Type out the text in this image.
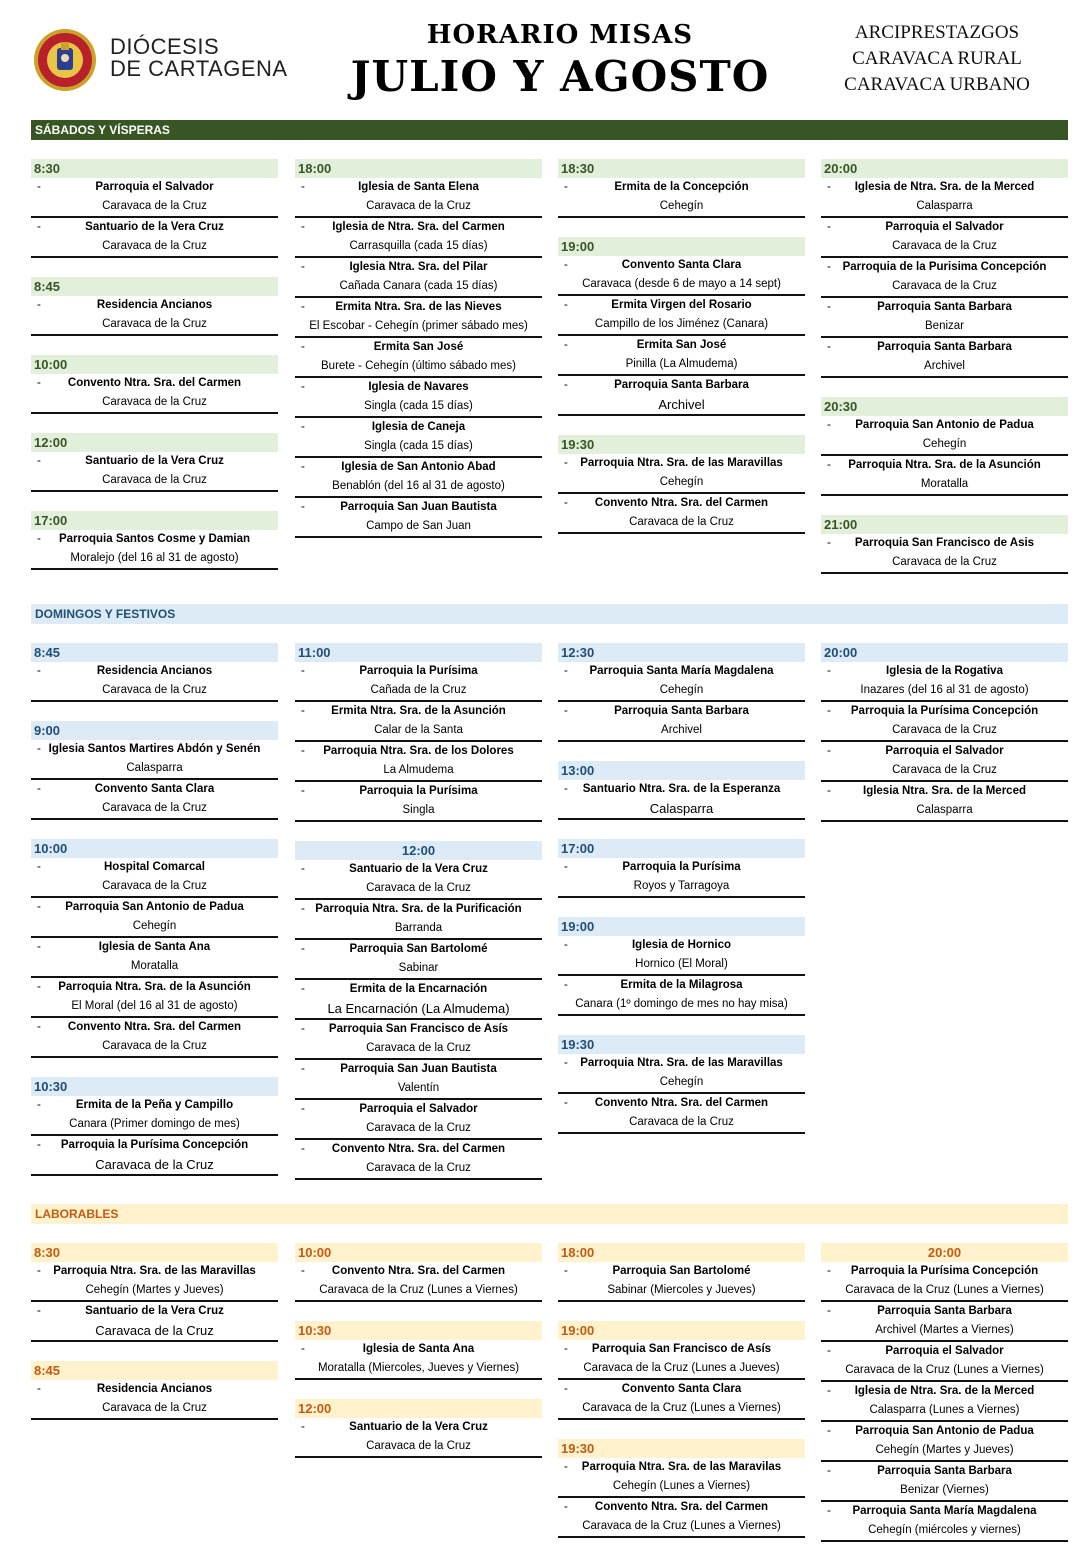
DIÓCESIS
DE CARTAGENA
HORARIO MISAS
JULIO Y AGOSTO
ARCIPRESTAZGOS
CARAVACA RURAL
CARAVACA URBANO
SÁBADOS Y VÍSPERAS
DOMINGOS Y FESTIVOS
LABORABLES
8:30
-	Parroquia el Salvador
Caravaca de la Cruz
-	Santuario de la Vera Cruz
Caravaca de la Cruz
8:45
-	Residencia Ancianos
Caravaca de la Cruz
10:00
- Convento Ntra. Sra. del Carmen
Caravaca de la Cruz
12:00
-	Santuario de la Vera Cruz
Caravaca de la Cruz
17:00
- Parroquia Santos Cosme y Damian
Moralejo (del 16 al 31 de agosto)
18:00
-	Iglesia de Santa Elena
Caravaca de la Cruz
- Iglesia de Ntra. Sra. del Carmen
Carrasquilla (cada 15 días)
-	Iglesia Ntra. Sra. del Pilar
Cañada Canara (cada 15 días)
-	Ermita Ntra. Sra. de las Nieves
El Escobar - Cehegín (primer sábado mes)
-	Ermita San José
Burete - Cehegín (último sábado mes)
-	Iglesia de Navares
Singla (cada 15 días)
-	Iglesia de Caneja
Singla (cada 15 días)
-	Iglesia de San Antonio Abad
Benablón (del 16 al 31 de agosto)
-	Parroquia San Juan Bautista
Campo de San Juan
18:30
-	Ermita de la Concepción
Cehegín
19:00
-	Convento Santa Clara
Caravaca (desde 6 de mayo a 14 sept)
-	Ermita Virgen del Rosario
Campillo de los Jiménez (Canara)
-	Ermita San José
Pinilla (La Almudema)
-	Parroquia Santa Barbara
Archivel
19:30
- Parroquia Ntra. Sra. de las Maravillas
Cehegín
- Convento Ntra. Sra. del Carmen
Caravaca de la Cruz
20:00
- Iglesia de Ntra. Sra. de la Merced
Calasparra
-	Parroquia el Salvador
Caravaca de la Cruz
- Parroquia de la Purisima Concepción
Caravaca de la Cruz
-	Parroquia Santa Barbara
Benizar
-	Parroquia Santa Barbara
Archivel
20:30
- Parroquia San Antonio de Padua
Cehegín
- Parroquia Ntra. Sra. de la Asunción
Moratalla
21:00
- Parroquia San Francisco de Asis
Caravaca de la Cruz
8:45
-	Residencia Ancianos
Caravaca de la Cruz
9:00
- Iglesia Santos Martires Abdón y Senén
Calasparra
-	Convento Santa Clara
Caravaca de la Cruz
10:00
-	Hospital Comarcal
Caravaca de la Cruz
- Parroquia San Antonio de Padua
Cehegín
-	Iglesia de Santa Ana
Moratalla
- Parroquia Ntra. Sra. de la Asunción
El Moral (del 16 al 31 de agosto)
- Convento Ntra. Sra. del Carmen
Caravaca de la Cruz
10:30
-	Ermita de la Peña y Campillo
Canara (Primer domingo de mes)
- Parroquia la Purísima Concepción
Caravaca de la Cruz
11:00
-	Parroquia la Purísima
Cañada de la Cruz
- Ermita Ntra. Sra. de la Asunción
Calar de la Santa
- Parroquia Ntra. Sra. de los Dolores
La Almudema
-	Parroquia la Purísima
Singla
12:00
-	Santuario de la Vera Cruz
Caravaca de la Cruz
- Parroquia Ntra. Sra. de la Purificación
Barranda
-	Parroquia San Bartolomé
Sabinar
-	Ermita de la Encarnación
La Encarnación (La Almudema)
- Parroquia San Francisco de Asís
Caravaca de la Cruz
-	Parroquia San Juan Bautista
Valentín
-	Parroquia el Salvador
Caravaca de la Cruz
- Convento Ntra. Sra. del Carmen
Caravaca de la Cruz
12:30
- Parroquia Santa María Magdalena
Cehegín
-	Parroquia Santa Barbara
Archivel
13:00
- Santuario Ntra. Sra. de la Esperanza
Calasparra
17:00
-	Parroquia la Purísima
Royos y Tarragoya
19:00
-	Iglesia de Hornico
Hornico (El Moral)
-	Ermita de la Milagrosa
Canara (1º domingo de mes no hay misa)
19:30
- Parroquia Ntra. Sra. de las Maravillas
Cehegín
- Convento Ntra. Sra. del Carmen
Caravaca de la Cruz
20:00
-	Iglesia de la Rogativa
Inazares (del 16 al 31 de agosto)
- Parroquia la Purísima Concepción
Caravaca de la Cruz
-	Parroquia el Salvador
Caravaca de la Cruz
-	Iglesia Ntra. Sra. de la Merced
Calasparra
8:30
- Parroquia Ntra. Sra. de las Maravillas
Cehegín (Martes y Jueves)
-	Santuario de la Vera Cruz
Caravaca de la Cruz
8:45
-	Residencia Ancianos
Caravaca de la Cruz
10:00
- Convento Ntra. Sra. del Carmen
Caravaca de la Cruz (Lunes a Viernes)
10:30
-	Iglesia de Santa Ana
Moratalla (Miercoles, Jueves y Viernes)
12:00
-	Santuario de la Vera Cruz
Caravaca de la Cruz
18:00
-	Parroquia San Bartolomé
Sabinar (Miercoles y Jueves)
19:00
- Parroquia San Francisco de Asís
Caravaca de la Cruz (Lunes a Jueves)
-	Convento Santa Clara
Caravaca de la Cruz (Lunes a Viernes)
19:30
- Parroquia Ntra. Sra. de las Maravilas
Cehegín (Lunes a Viernes)
- Convento Ntra. Sra. del Carmen
Caravaca de la Cruz (Lunes a Viernes)
20:00
- Parroquia la Purísima Concepción
Caravaca de la Cruz (Lunes a Viernes)
-	Parroquia Santa Barbara
Archivel (Martes a Viernes)
-	Parroquia el Salvador
Caravaca de la Cruz (Lunes a Viernes)
- Iglesia de Ntra. Sra. de la Merced
Calasparra (Lunes a Viernes)
- Parroquia San Antonio de Padua
Cehegín (Martes y Jueves)
-	Parroquia Santa Barbara
Benizar (Viernes)
- Parroquia Santa María Magdalena
Cehegín (miércoles y viernes)
